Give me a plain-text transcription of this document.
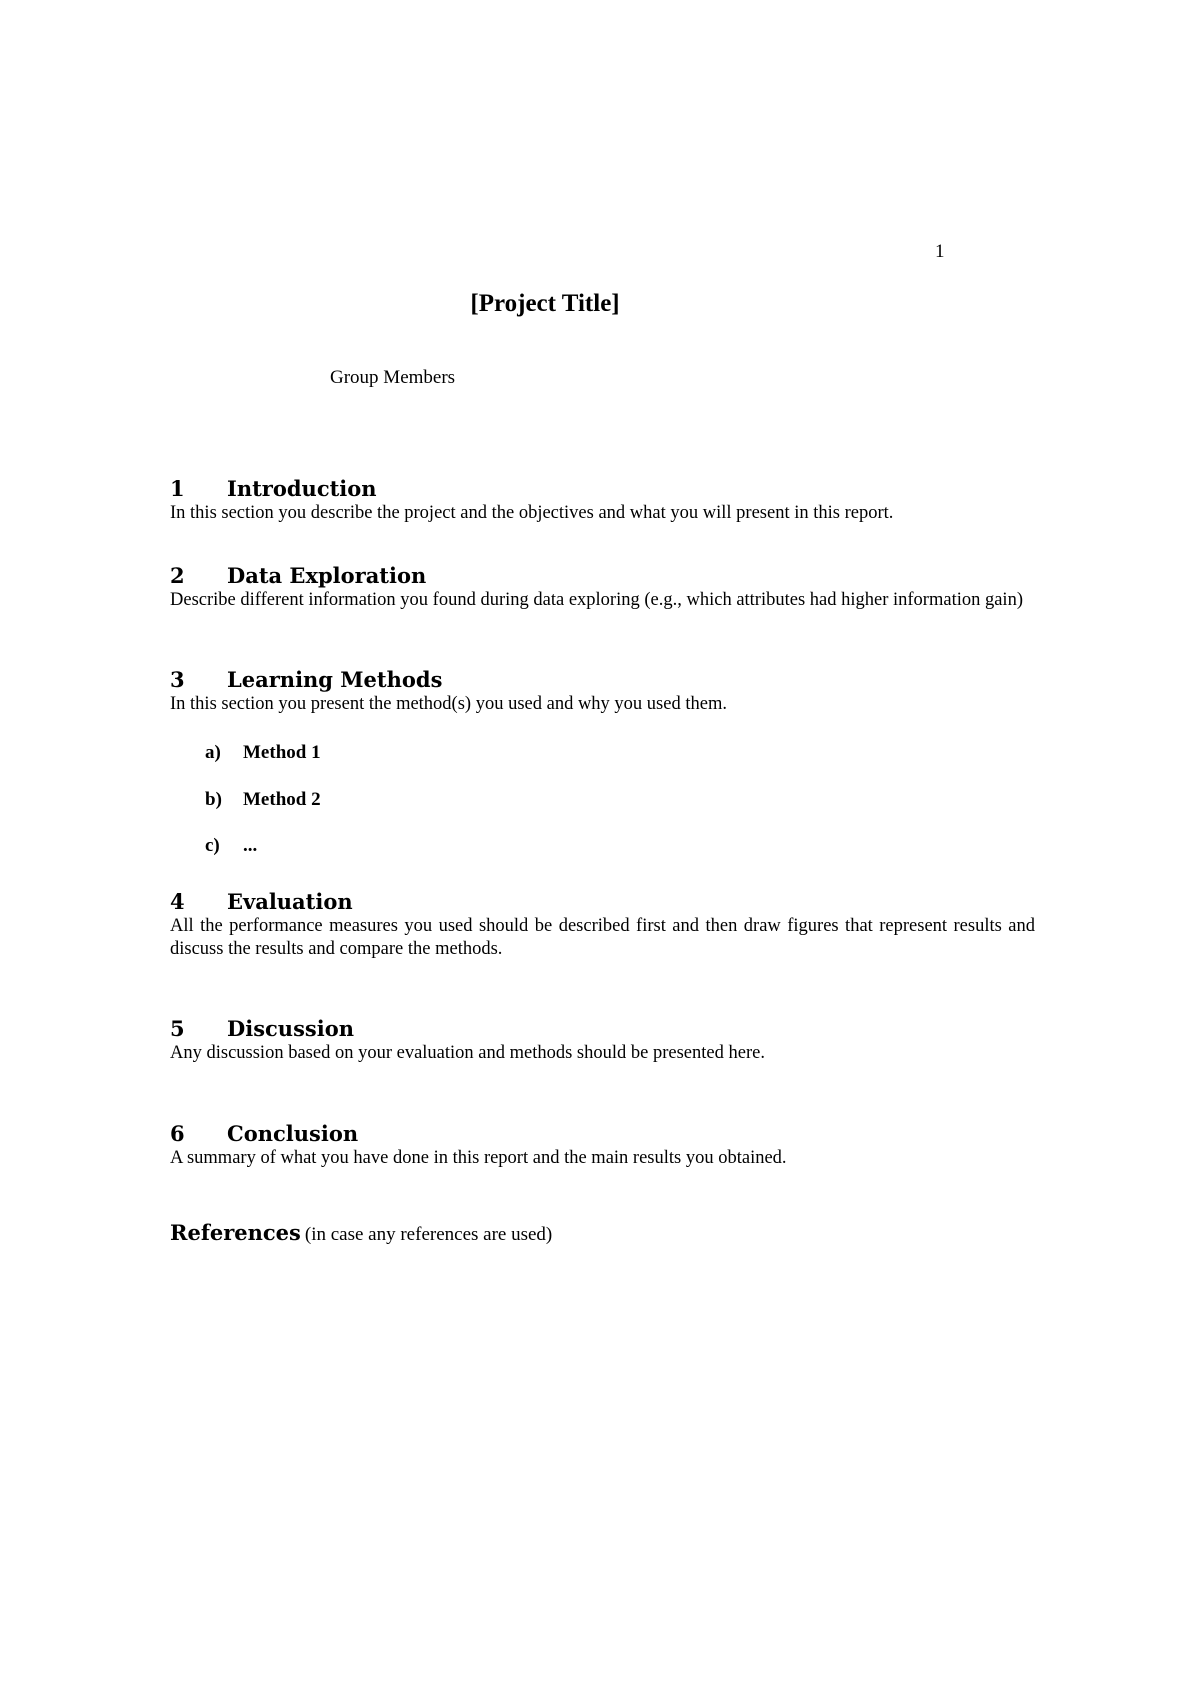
1
[Project Title]
Group Members
1 Introduction

In this section you describe the project and the objectives and what you will present in this report.

2 Data Exploration

Describe different information you found during data exploring (e.g., which attributes had higher information gain)

3 Learning Methods

In this section you present the method(s) you used and why you used them.

a) Method 1
b) Method 2
c) ...
4 Evaluation

All the performance measures you used should be described first and then draw figures that represent results and discuss the results and compare the methods.

5 Discussion

Any discussion based on your evaluation and methods should be presented here.

6 Conclusion

A summary of what you have done in this report and the main results you obtained.

References (in case any references are used)
